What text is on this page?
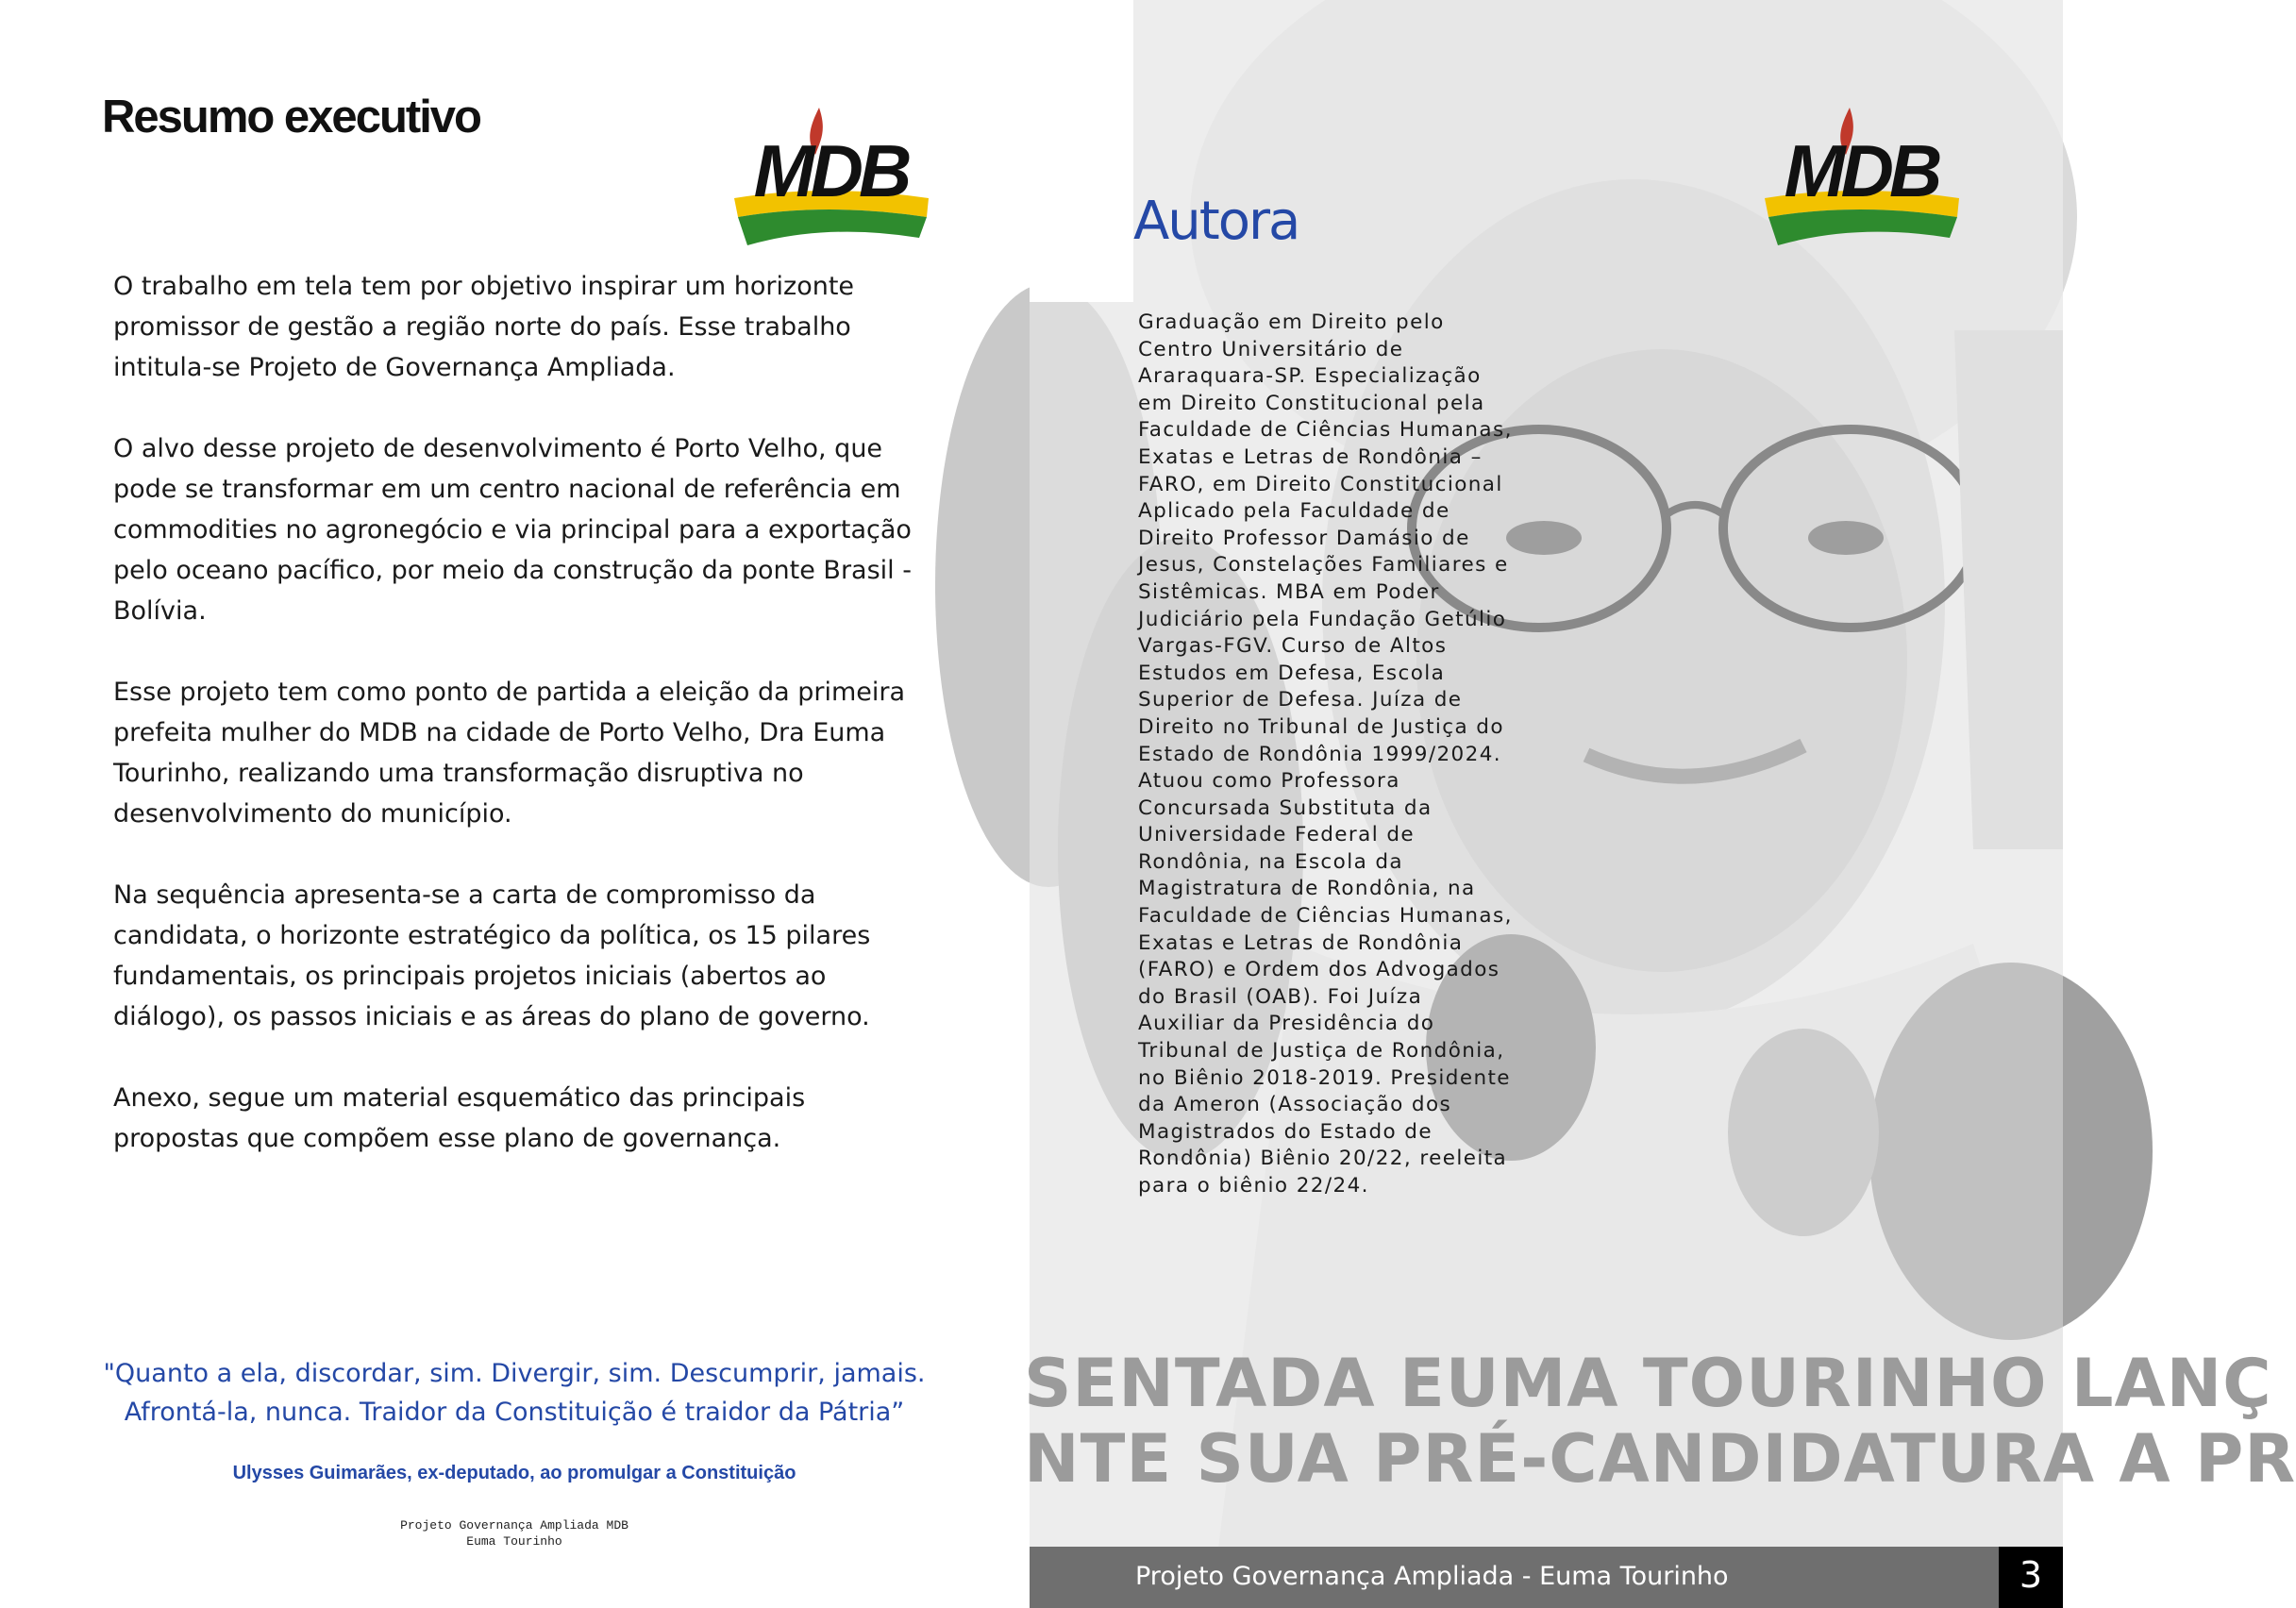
Resumo executivo

O trabalho em tela tem por objetivo inspirar um horizonte promissor de gestão a região norte do país. Esse trabalho intitula-se Projeto de Governança Ampliada.

O alvo desse projeto de desenvolvimento é Porto Velho, que pode se transformar em um centro nacional de referência em commodities no agronegócio e via principal para a exportação pelo oceano pacífico, por meio da construção da ponte Brasil - Bolívia.

Esse projeto tem como ponto de partida a eleição da primeira prefeita mulher do MDB na cidade de Porto Velho, Dra Euma Tourinho, realizando uma transformação disruptiva no desenvolvimento do município.

Na sequência apresenta-se a carta de compromisso da candidata, o horizonte estratégico da política, os 15 pilares fundamentais, os principais projetos iniciais (abertos ao diálogo), os passos iniciais e as áreas do plano de governo.

Anexo, segue um material esquemático das principais propostas que compõem esse plano de governança.

"Quanto a ela, discordar, sim. Divergir, sim. Descumprir, jamais. Afrontá-la, nunca. Traidor da Constituição é traidor da Pátria”

Ulysses Guimarães, ex-deputado, ao promulgar a Constituição

Projeto Governança Ampliada MDB
Euma Tourinho
Autora

Graduação em Direito pelo Centro Universitário de Araraquara-SP. Especialização em Direito Constitucional pela Faculdade de Ciências Humanas, Exatas e Letras de Rondônia – FARO, em Direito Constitucional Aplicado pela Faculdade de Direito Professor Damásio de Jesus, Constelações Familiares e Sistêmicas. MBA em Poder Judiciário pela Fundação Getúlio Vargas-FGV. Curso de Altos Estudos em Defesa, Escola Superior de Defesa. Juíza de Direito no Tribunal de Justiça do Estado de Rondônia 1999/2024. Atuou como Professora Concursada Substituta da Universidade Federal de Rondônia, na Escola da Magistratura de Rondônia, na Faculdade de Ciências Humanas, Exatas e Letras de Rondônia (FARO) e Ordem dos Advogados do Brasil (OAB). Foi Juíza Auxiliar da Presidência do Tribunal de Justiça de Rondônia, no Biênio 2018-2019. Presidente da Ameron (Associação dos Magistrados do Estado de Rondônia) Biênio 20/22, reeleita para o biênio 22/24.

SENTADA EUMA TOURINHO LANÇ
NTE SUA PRÉ-CANDIDATURA A PR
Projeto Governança Ampliada - Euma Tourinho	3
MDB	MDB
